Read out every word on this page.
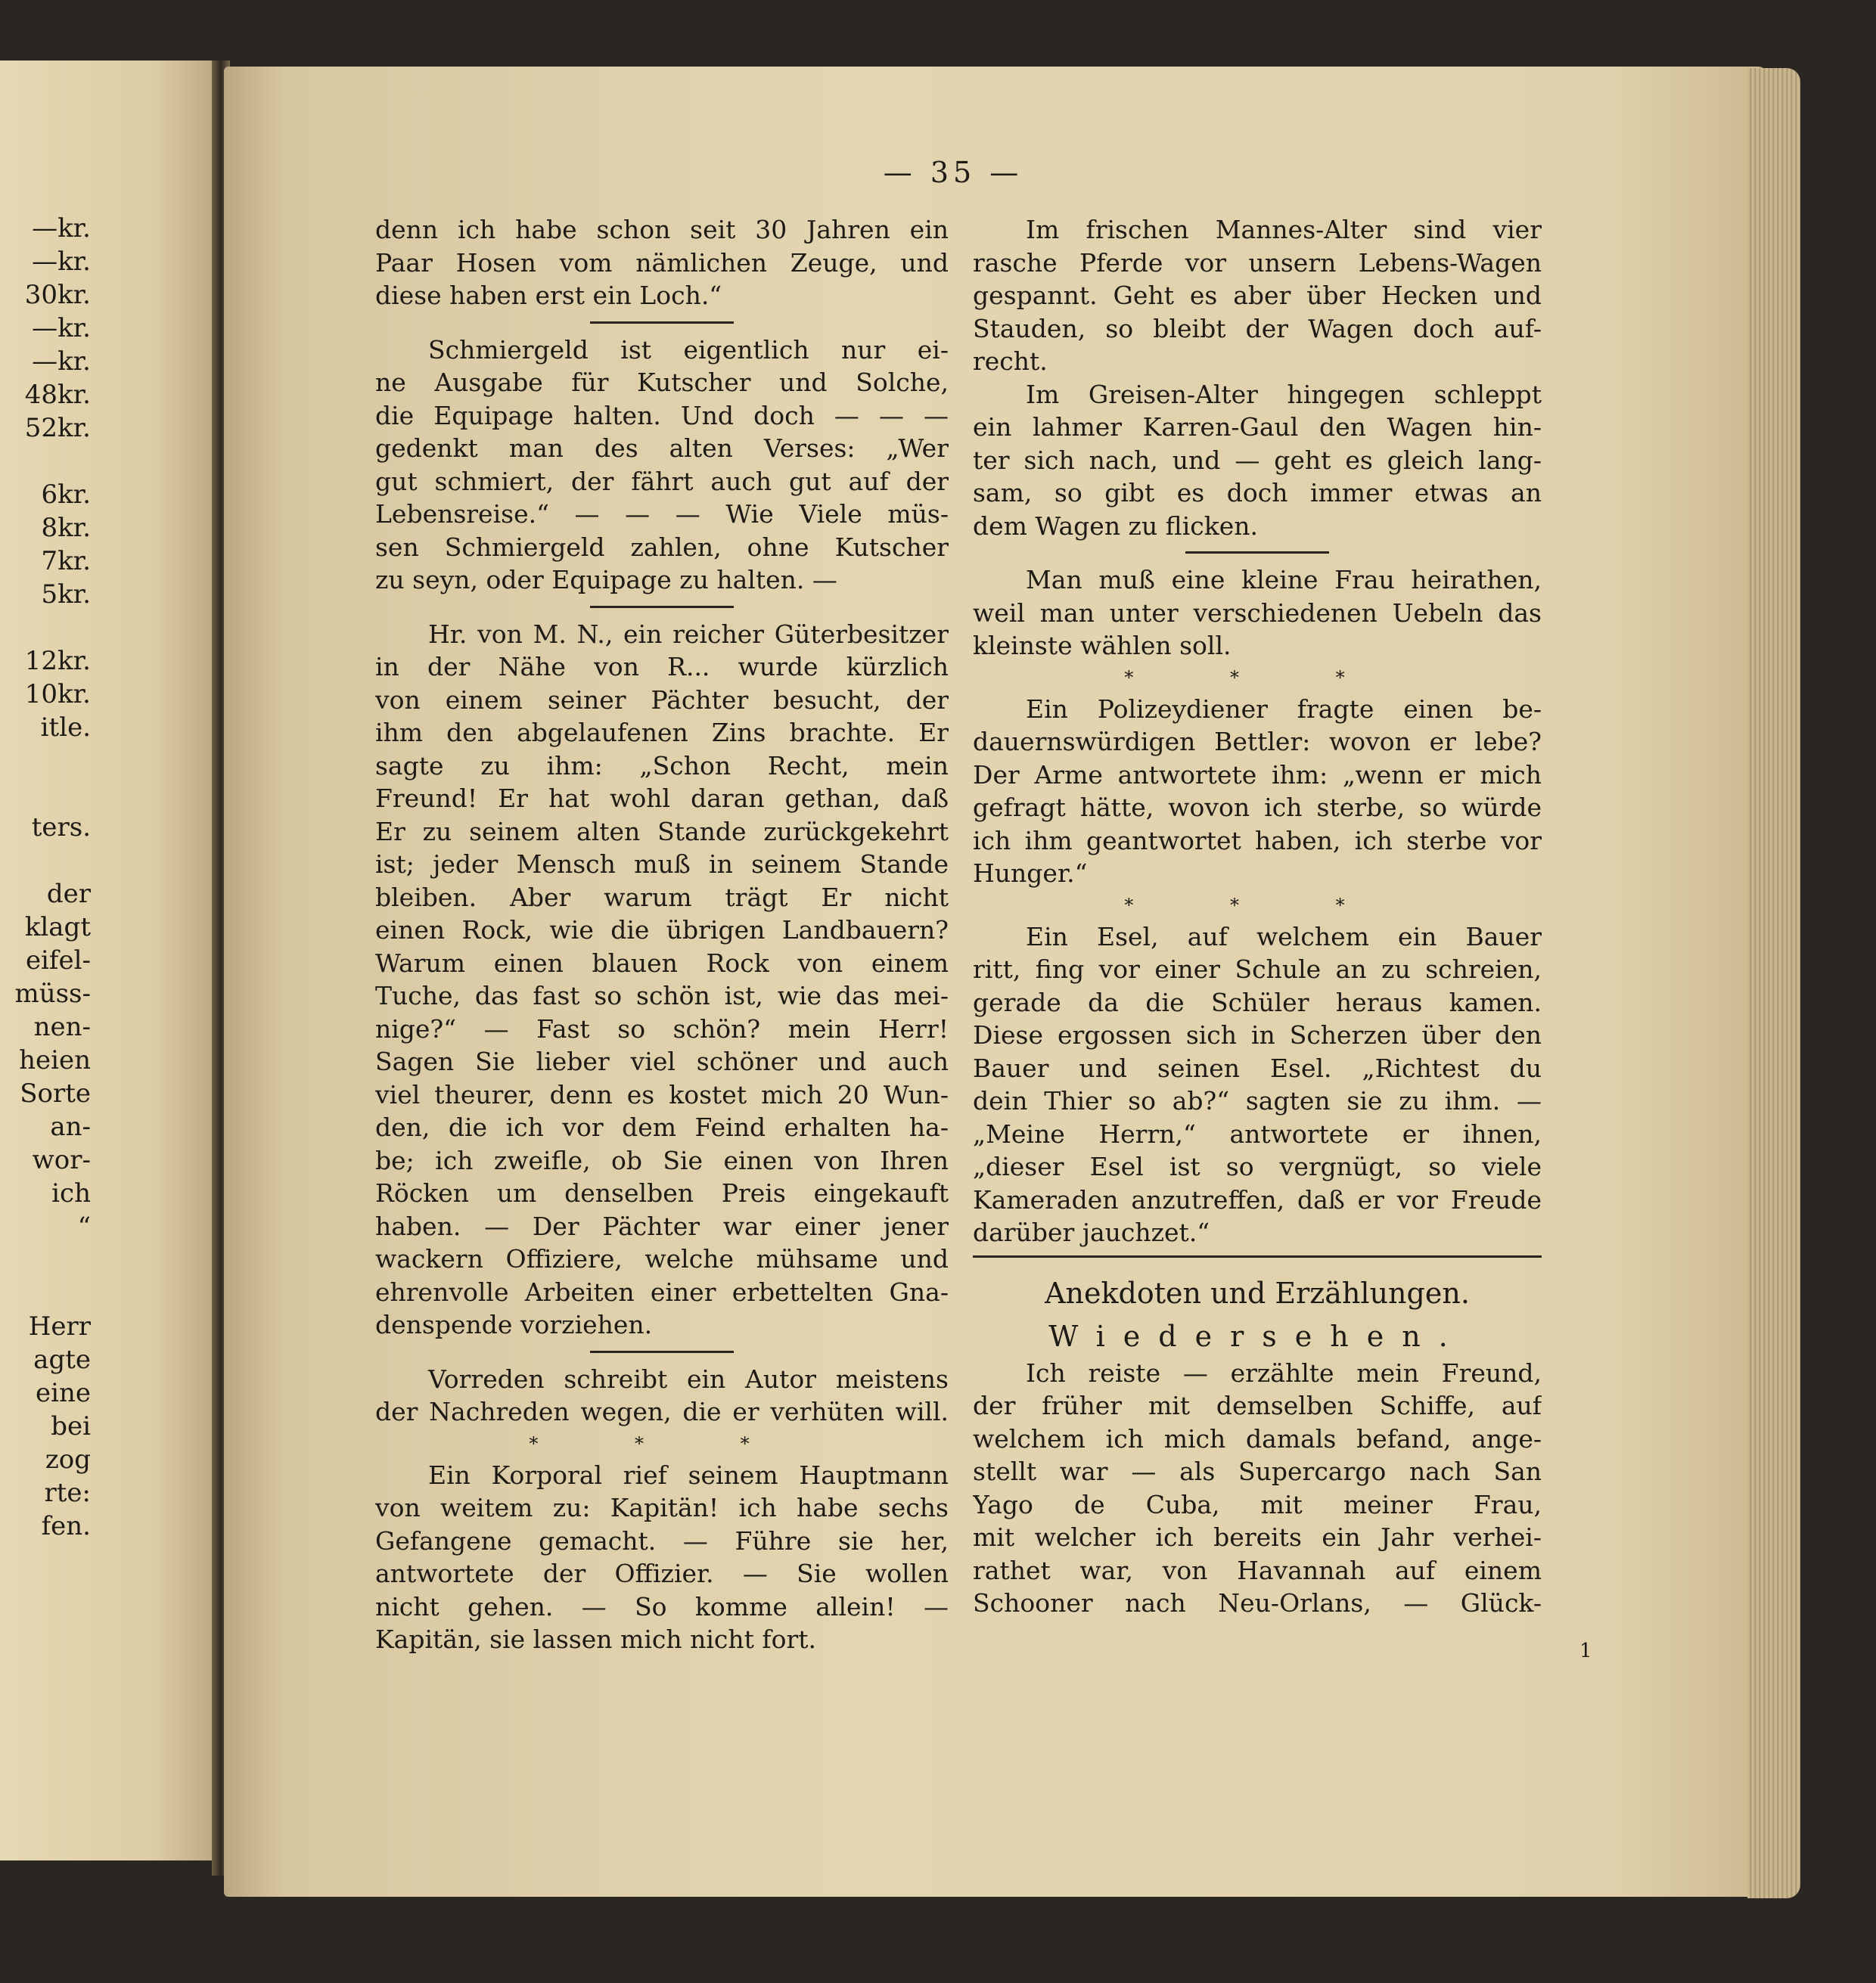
—kr.
—kr.
30kr.
—kr.
—kr.
48kr.
52kr.
6kr.
8kr.
7kr.
5kr.
12kr.
10kr.
itle.
ters.
der
klagt
eifel-
müss-
nen-
heien
Sorte
an-
wor-
ich
“
Herr
agte
eine
bei
zog
rte:
fen.
— 35 —
denn ich habe schon seit 30 Jahren ein
Paar Hosen vom nämlichen Zeuge, und
diese haben erst ein Loch.“
Schmiergeld ist eigentlich nur ei-
ne Ausgabe für Kutscher und Solche,
die Equipage halten. Und doch — — —
gedenkt man des alten Verses: „Wer
gut schmiert, der fährt auch gut auf der
Lebensreise.“ — — — Wie Viele müs-
sen Schmiergeld zahlen, ohne Kutscher
zu seyn, oder Equipage zu halten. —
Hr. von M. N., ein reicher Güterbesitzer
in der Nähe von R... wurde kürzlich
von einem seiner Pächter besucht, der
ihm den abgelaufenen Zins brachte. Er
sagte zu ihm: „Schon Recht, mein
Freund! Er hat wohl daran gethan, daß
Er zu seinem alten Stande zurückgekehrt
ist; jeder Mensch muß in seinem Stande
bleiben. Aber warum trägt Er nicht
einen Rock, wie die übrigen Landbauern?
Warum einen blauen Rock von einem
Tuche, das fast so schön ist, wie das mei-
nige?“ — Fast so schön? mein Herr!
Sagen Sie lieber viel schöner und auch
viel theurer, denn es kostet mich 20 Wun-
den, die ich vor dem Feind erhalten ha-
be; ich zweifle, ob Sie einen von Ihren
Röcken um denselben Preis eingekauft
haben. — Der Pächter war einer jener
wackern Offiziere, welche mühsame und
ehrenvolle Arbeiten einer erbettelten Gna-
denspende vorziehen.
Vorreden schreibt ein Autor meistens
der Nachreden wegen, die er verhüten will.
* * *
Ein Korporal rief seinem Hauptmann
von weitem zu: Kapitän! ich habe sechs
Gefangene gemacht. — Führe sie her,
antwortete der Offizier. — Sie wollen
nicht gehen. — So komme allein! —
Kapitän, sie lassen mich nicht fort.
Im frischen Mannes-Alter sind vier
rasche Pferde vor unsern Lebens-Wagen
gespannt. Geht es aber über Hecken und
Stauden, so bleibt der Wagen doch auf-
recht.
Im Greisen-Alter hingegen schleppt
ein lahmer Karren-Gaul den Wagen hin-
ter sich nach, und — geht es gleich lang-
sam, so gibt es doch immer etwas an
dem Wagen zu flicken.
Man muß eine kleine Frau heirathen,
weil man unter verschiedenen Uebeln das
kleinste wählen soll.
* * *
Ein Polizeydiener fragte einen be-
dauernswürdigen Bettler: wovon er lebe?
Der Arme antwortete ihm: „wenn er mich
gefragt hätte, wovon ich sterbe, so würde
ich ihm geantwortet haben, ich sterbe vor
Hunger.“
* * *
Ein Esel, auf welchem ein Bauer
ritt, fing vor einer Schule an zu schreien,
gerade da die Schüler heraus kamen.
Diese ergossen sich in Scherzen über den
Bauer und seinen Esel. „Richtest du
dein Thier so ab?“ sagten sie zu ihm. —
„Meine Herrn,“ antwortete er ihnen,
„dieser Esel ist so vergnügt, so viele
Kameraden anzutreffen, daß er vor Freude
darüber jauchzet.“
Anekdoten und Erzählungen.
Wiedersehen.
Ich reiste — erzählte mein Freund,
der früher mit demselben Schiffe, auf
welchem ich mich damals befand, ange-
stellt war — als Supercargo nach San
Yago de Cuba, mit meiner Frau,
mit welcher ich bereits ein Jahr verhei-
rathet war, von Havannah auf einem
Schooner nach Neu-Orlans, — Glück-
1
